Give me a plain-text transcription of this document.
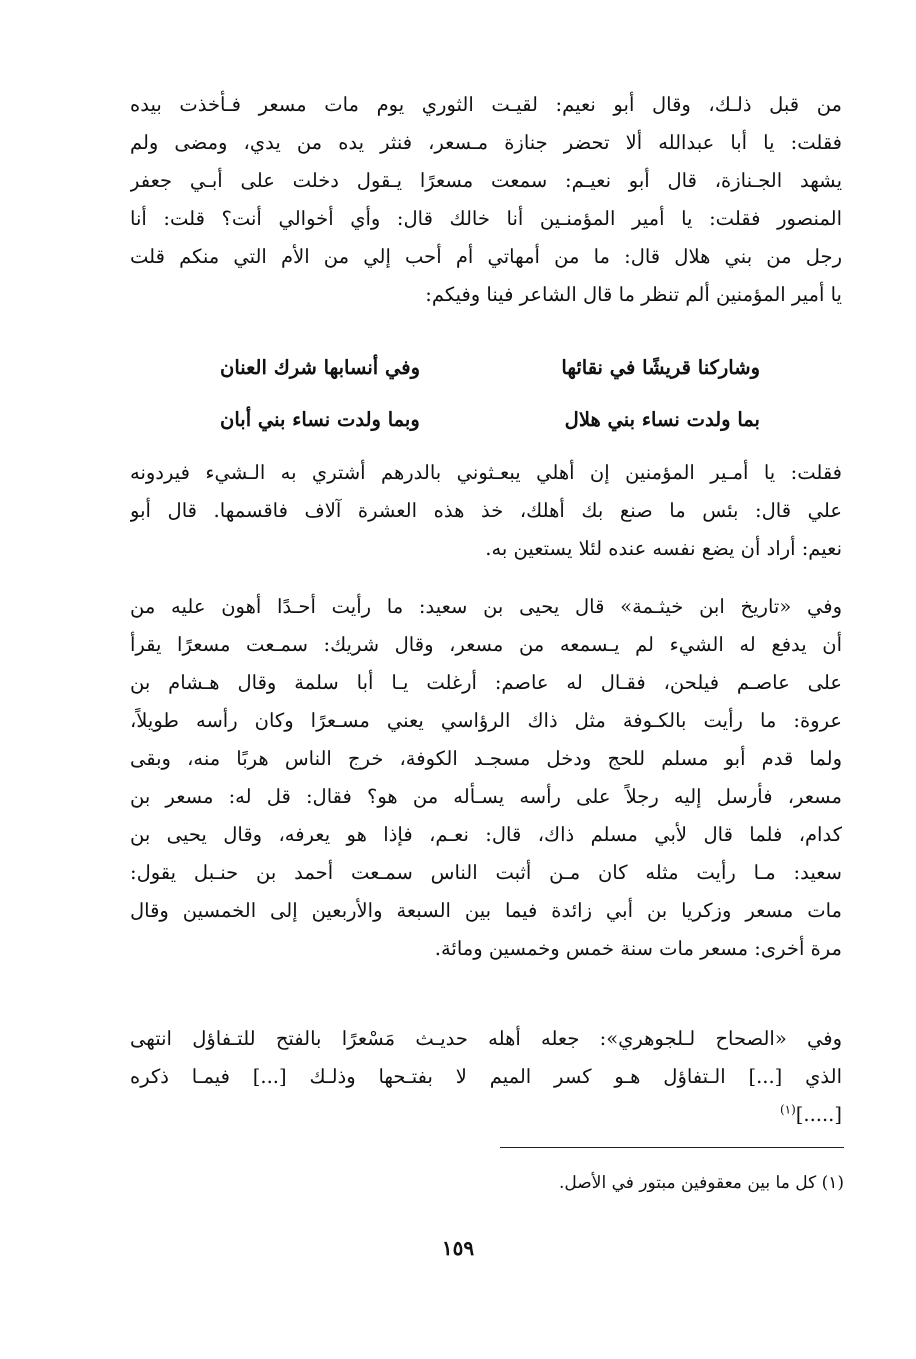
من قبل ذلـك، وقال أبو نعيم: لقيـت الثوري يوم مات مسعر فـأخذت بيده
فقلت: يا أبا عبدالله ألا تحضر جنازة مـسعر، فنثر يده من يدي، ومضى ولم
يشهد الجـنازة، قال أبو نعيـم: سمعت مسعرًا يـقول دخلت على أبـي جعفر
المنصور فقلت: يا أمير المؤمنـين أنا خالك قال: وأي أخوالي أنت؟ قلت: أنا
رجل من بني هلال قال: ما من أمهاتي أم أحب إلي من الأم التي منكم قلت
يا أمير المؤمنين ألم تنظر ما قال الشاعر فينا وفيكم:
وشاركنا قريشًا في نقائها
وفي أنسابها شرك العنان
بما ولدت نساء بني هلال
وبما ولدت نساء بني أبان
فقلت: يا أمـير المؤمنين إن أهلي يبعـثوني بالدرهم أشتري به الـشيء فيردونه
علي قال: بئس ما صنع بك أهلك، خذ هذه العشرة آلاف فاقسمها. قال أبو
نعيم: أراد أن يضع نفسه عنده لئلا يستعين به.
وفي «تاريخ ابن خيثـمة» قال يحيى بن سعيد: ما رأيت أحـدًا أهون عليه من
أن يدفع له الشيء لم يـسمعه من مسعر، وقال شريك: سمـعت مسعرًا يقرأ
على عاصـم فيلحن، فقـال له عاصم: أرغلت يـا أبا سلمة وقال هـشام بن
عروة: ما رأيت بالكـوفة مثل ذاك الرؤاسي يعني مسـعرًا وكان رأسه طويلاً،
ولما قدم أبو مسلم للحج ودخل مسجـد الكوفة، خرج الناس هربًا منه، وبقى
مسعر، فأرسل إليه رجلاً على رأسه يسـأله من هو؟ فقال: قل له: مسعر بن
كدام، فلما قال لأبي مسلم ذاك، قال: نعـم، فإذا هو يعرفه، وقال يحيى بن
سعيد: مـا رأيت مثله كان مـن أثبت الناس سمـعت أحمد بن حنـبل يقول:
مات مسعر وزكريا بن أبي زائدة فيما بين السبعة والأربعين إلى الخمسين وقال
مرة أخرى: مسعر مات سنة خمس وخمسين ومائة.
وفي «الصحاح لـلجوهري»: جعله أهله حديـث مَسْعرًا بالفتح للتـفاؤل انتهى
الذي [...] الـتفاؤل هـو كسر الميم لا بفتـحها وذلـك [...] فيمـا ذكره
[.....]$^{(١)}$
(١) كل ما بين معقوفين مبتور في الأصل.
١٥٩
